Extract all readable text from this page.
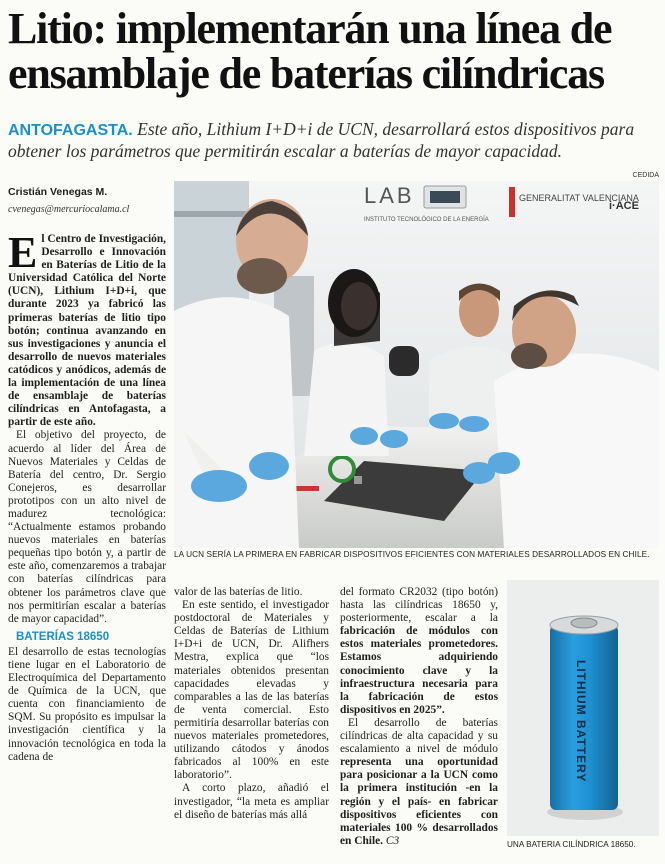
Litio: implementarán una línea de ensamblaje de baterías cilíndricas
ANTOFAGASTA. Este año, Lithium I+D+i de UCN, desarrollará estos dispositivos para obtener los parámetros que permitirán escalar a baterías de mayor capacidad.
CEDIDA
Cristián Venegas M.
cvenegas@mercuriocalama.cl

El Centro de Investigación, Desarrollo e Innovación en Baterías de Litio de la Universidad Católica del Norte (UCN), Lithium I+D+i, que durante 2023 ya fabricó las primeras baterías de litio tipo botón; continua avanzando en sus investigaciones y anuncia el desarrollo de nuevos materiales catódicos y anódicos, además de la implementación de una línea de ensamblaje de baterías cilíndricas en Antofagasta, a partir de este año.

El objetivo del proyecto, de acuerdo al líder del Área de Nuevos Materiales y Celdas de Batería del centro, Dr. Sergio Conejeros, es desarrollar prototipos con un alto nivel de madurez tecnológica: “Actualmente estamos probando nuevos materiales en baterías pequeñas tipo botón y, a partir de este año, comenzaremos a trabajar con baterías cilíndricas para obtener los parámetros clave que nos permitirían escalar a baterías de mayor capacidad”.

BATERÍAS 18650

El desarrollo de estas tecnologías tiene lugar en el Laboratorio de Electroquímica del Departamento de Química de la UCN, que cuenta con financiamiento de SQM. Su propósito es impulsar la investigación científica y la innovación tecnológica en toda la cadena de

LAB
INSTITUTO TECNOLÓGICO DE LA ENERGÍA
GENERALITAT VALENCIANA
i·ACE
LA UCN SERÍA LA PRIMERA EN FABRICAR DISPOSITIVOS EFICIENTES CON MATERIALES DESARROLLADOS EN CHILE.

valor de las baterías de litio.

En este sentido, el investigador postdoctoral de Materiales y Celdas de Baterías de Lithium I+D+i de UCN, Dr. Alifhers Mestra, explica que “los materiales obtenidos presentan capacidades elevadas y comparables a las de las baterías de venta comercial. Esto permitiría desarrollar baterías con nuevos materiales prometedores, utilizando cátodos y ánodos fabricados al 100% en este laboratorio”.

A corto plazo, añadió el investigador, “la meta es ampliar el diseño de baterías más allá

del formato CR2032 (tipo botón) hasta las cilíndricas 18650 y, posteriormente, escalar a la fabricación de módulos con estos materiales prometedores. Estamos adquiriendo conocimiento clave y la infraestructura necesaria para la fabricación de estos dispositivos en 2025”.

El desarrollo de baterías cilíndricas de alta capacidad y su escalamiento a nivel de módulo representa una oportunidad para posicionar a la UCN como la primera institución -en la región y el país- en fabricar dispositivos eficientes con materiales 100 % desarrollados en Chile. C3

LITHIUM BATTERY
UNA BATERIA CILÍNDRICA 18650.
